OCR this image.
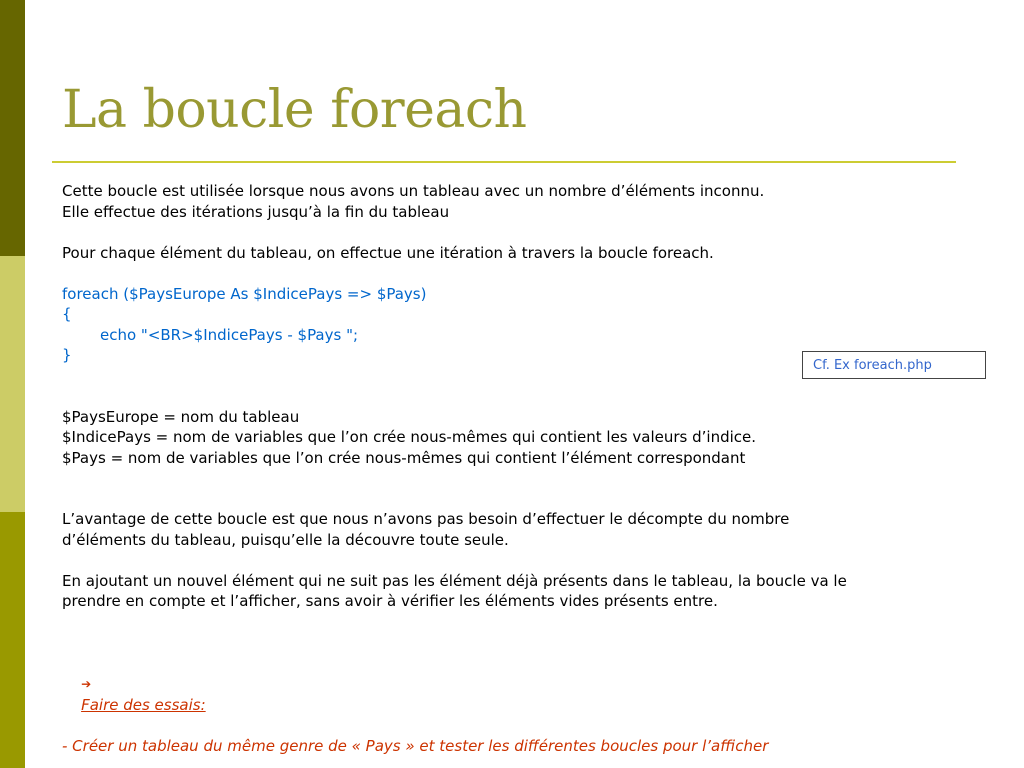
La boucle foreach
Cette boucle est utilisée lorsque nous avons un tableau avec un nombre d’éléments inconnu.
Elle effectue des itérations jusqu’à la fin du tableau
Pour chaque élément du tableau, on effectue une itération à travers la boucle foreach.
foreach ($PaysEurope As $IndicePays => $Pays)
{
echo "<BR>$IndicePays - $Pays ";
}
$PaysEurope = nom du tableau
$IndicePays = nom de variables que l’on crée nous-mêmes qui contient les valeurs d’indice.
$Pays = nom de variables que l’on crée nous-mêmes qui contient l’élément correspondant
L’avantage de cette boucle est que nous n’avons pas besoin d’effectuer le décompte du nombre
d’éléments du tableau, puisqu’elle la découvre toute seule.
En ajoutant un nouvel élément qui ne suit pas les élément déjà présents dans le tableau, la boucle va le
prendre en compte et l’afficher, sans avoir à vérifier les éléments vides présents entre.

➔
Faire des essais:

- Créer un tableau du même genre de « Pays » et tester les différentes boucles pour l’afficher
Cf. Ex foreach.php
